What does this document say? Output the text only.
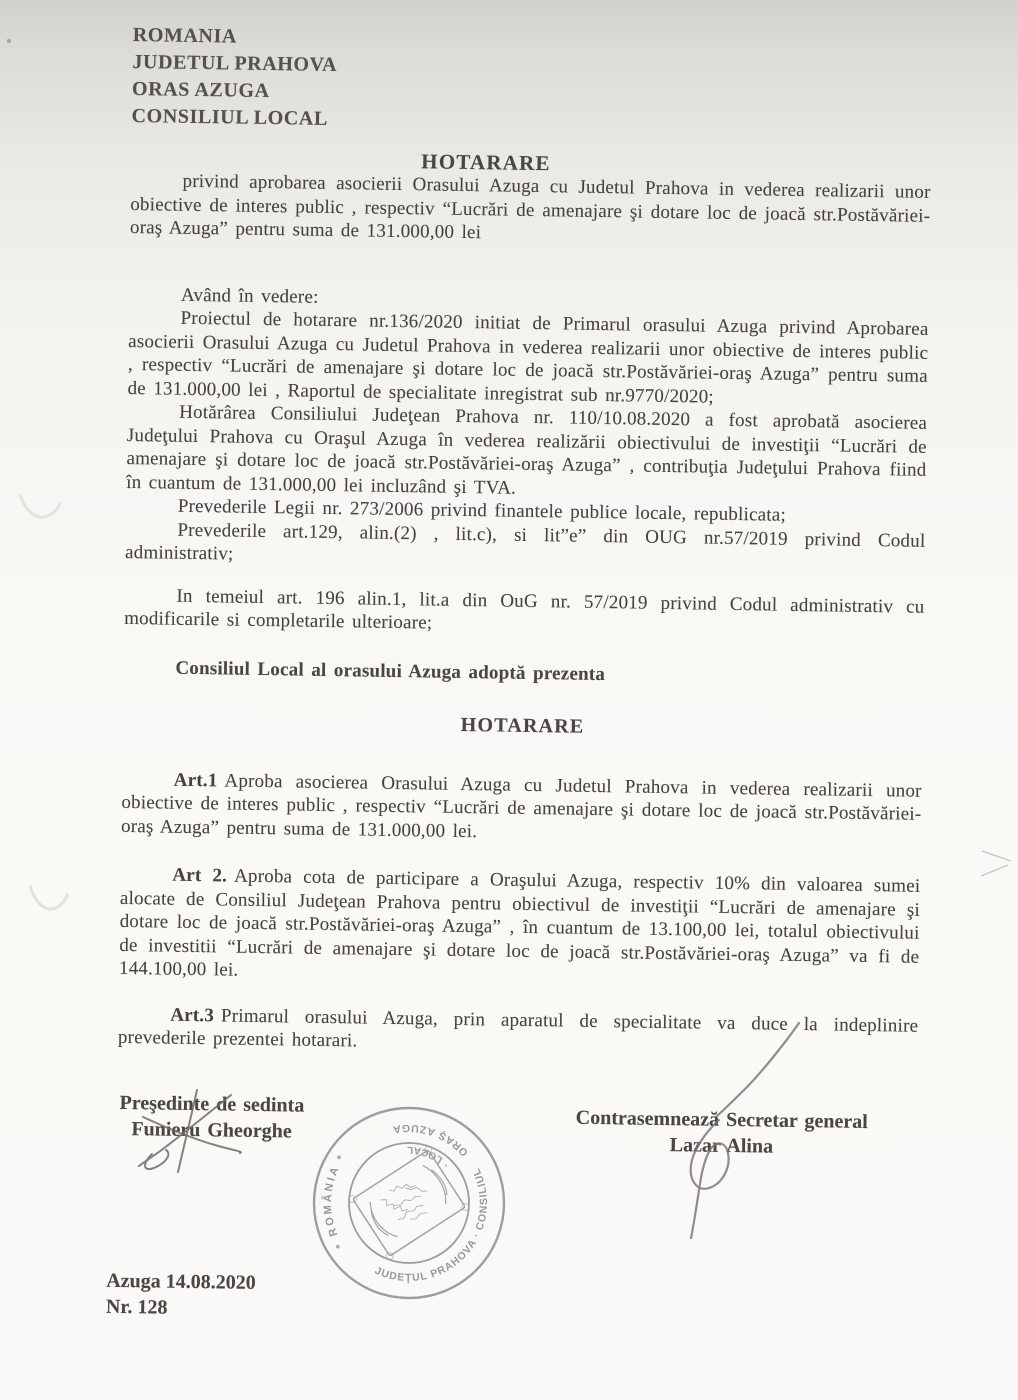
ROMANIA
JUDETUL PRAHOVA
ORAS AZUGA
CONSILIUL LOCAL
HOTARARE

privind aprobarea asocierii Orasului Azuga cu Judetul Prahova in vederea realizarii unor obiective de interes public , respectiv “Lucrări de amenajare şi dotare loc de joacă str.Postăvăriei-oraş Azuga” pentru suma de 131.000,00 lei

Având în vedere:

Proiectul de hotarare nr.136/2020 initiat de Primarul orasului Azuga privind Aprobarea asocierii Orasului Azuga cu Judetul Prahova in vederea realizarii unor obiective de interes public , respectiv “Lucrări de amenajare şi dotare loc de joacă str.Postăvăriei-oraş Azuga” pentru suma de 131.000,00 lei , Raportul de specialitate inregistrat sub nr.9770/2020;

Hotărârea Consiliului Judeţean Prahova nr. 110/10.08.2020 a fost aprobată asocierea Judeţului Prahova cu Oraşul Azuga în vederea realizării obiectivului de investiţii “Lucrări de amenajare şi dotare loc de joacă str.Postăvăriei-oraş Azuga” , contribuţia Judeţului Prahova fiind în cuantum de 131.000,00 lei incluzând şi TVA.

Prevederile Legii nr. 273/2006 privind finantele publice locale, republicata;

Prevederile art.129, alin.(2) , lit.c), si lit”e” din OUG nr.57/2019 privind Codul administrativ;

In temeiul art. 196 alin.1, lit.a din OuG nr. 57/2019 privind Codul administrativ cu modificarile si completarile ulterioare;

Consiliul Local al orasului Azuga adoptă prezenta

HOTARARE

Art.1 Aproba asocierea Orasului Azuga cu Judetul Prahova in vederea realizarii unor obiective de interes public , respectiv “Lucrări de amenajare şi dotare loc de joacă str.Postăvăriei-oraş Azuga” pentru suma de 131.000,00 lei.

Art 2. Aproba cota de participare a Oraşului Azuga, respectiv 10% din valoarea sumei alocate de Consiliul Judeţean Prahova pentru obiectivul de investiţii “Lucrări de amenajare şi dotare loc de joacă str.Postăvăriei-oraş Azuga” , în cuantum de 13.100,00 lei, totalul obiectivului de investitii “Lucrări de amenajare şi dotare loc de joacă str.Postăvăriei-oraş Azuga” va fi de 144.100,00 lei.

Art.3 Primarul orasului Azuga, prin aparatul de specialitate va duce la indeplinire prevederile prezentei hotarari.

Preşedinte de sedinta
Funieru Gheorghe	Contrasemnează Secretar general
Lazar Alina
Azuga 14.08.2020
Nr. 128
* ROMÂNIA *
JUDEŢUL PRAHOVA · CONSILIUL
ORAŞ AZUGA
· LOCAL
